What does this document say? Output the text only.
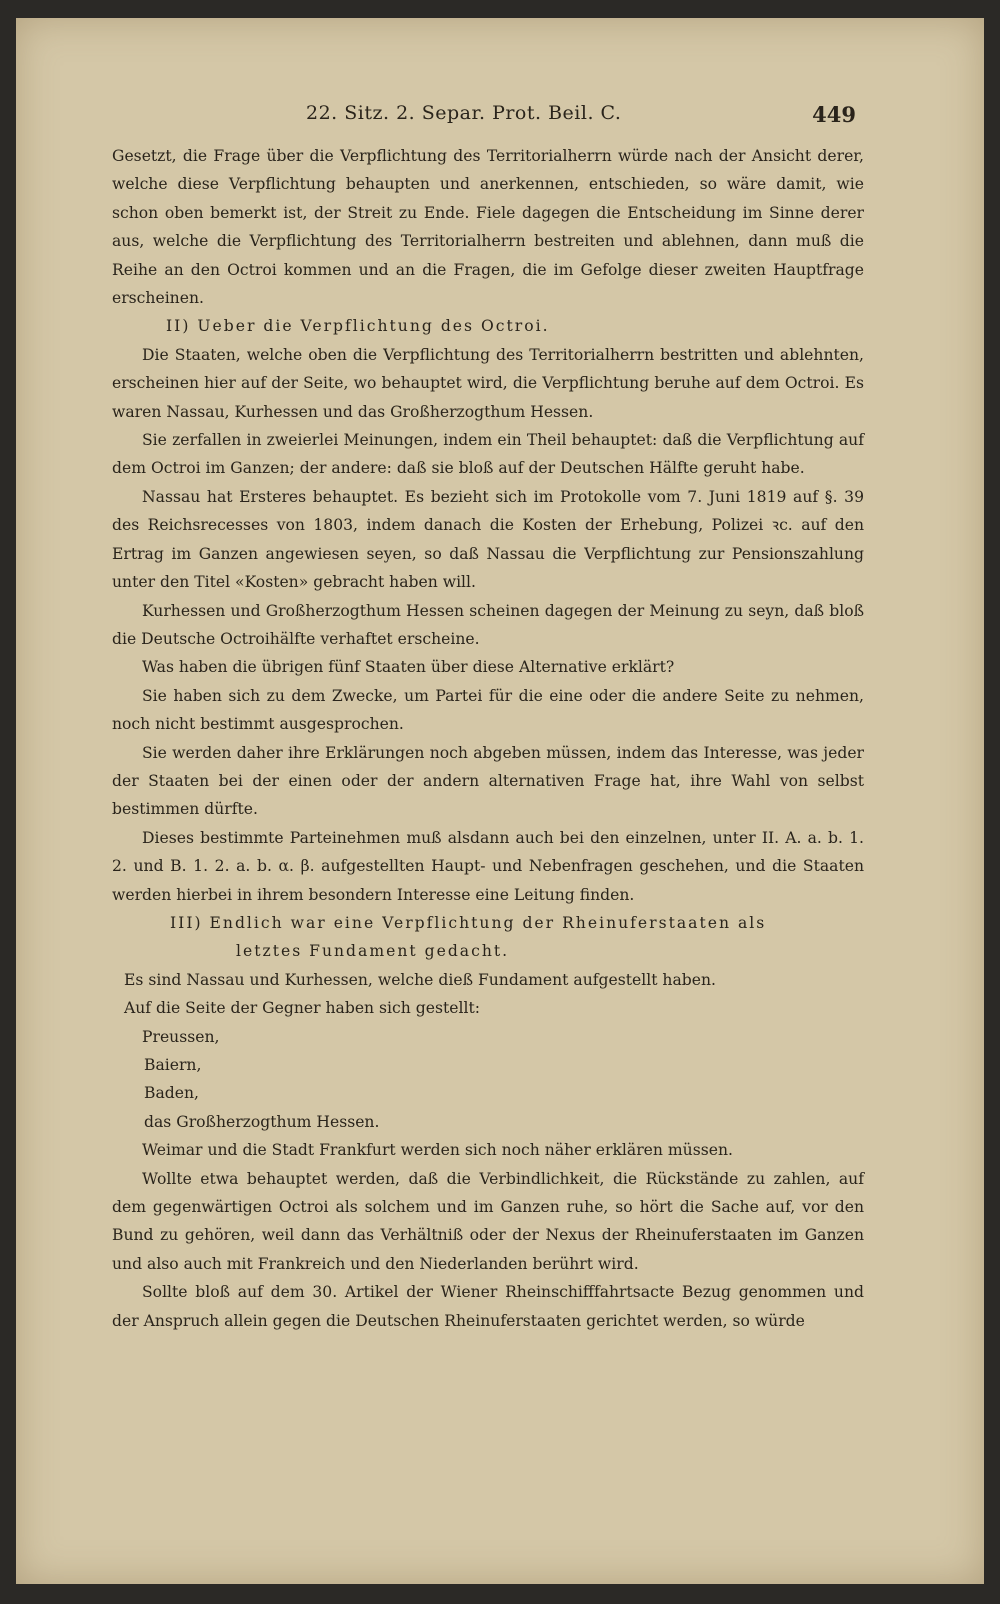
22. Sitz. 2. Separ. Prot. Beil. C.	449

Gesetzt, die Frage über die Verpflichtung des Territorialherrn würde nach der Ansicht derer, welche diese Verpflichtung behaupten und anerkennen, entschieden, so wäre damit, wie schon oben bemerkt ist, der Streit zu Ende. Fiele dagegen die Entscheidung im Sinne derer aus, welche die Verpflichtung des Territorialherrn bestreiten und ablehnen, dann muß die Reihe an den Octroi kommen und an die Fragen, die im Gefolge dieser zweiten Hauptfrage erscheinen.

II) Ueber die Verpflichtung des Octroi.

Die Staaten, welche oben die Verpflichtung des Territorialherrn bestritten und ablehnten, erscheinen hier auf der Seite, wo behauptet wird, die Verpflichtung beruhe auf dem Octroi. Es waren Nassau, Kurhessen und das Großherzogthum Hessen.

Sie zerfallen in zweierlei Meinungen, indem ein Theil behauptet: daß die Verpflichtung auf dem Octroi im Ganzen; der andere: daß sie bloß auf der Deutschen Hälfte geruht habe.

Nassau hat Ersteres behauptet. Es bezieht sich im Protokolle vom 7. Juni 1819 auf §. 39 des Reichsrecesses von 1803, indem danach die Kosten der Erhebung, Polizei ꝛc. auf den Ertrag im Ganzen angewiesen seyen, so daß Nassau die Verpflichtung zur Pensionszahlung unter den Titel «Kosten» gebracht haben will.

Kurhessen und Großherzogthum Hessen scheinen dagegen der Meinung zu seyn, daß bloß die Deutsche Octroihälfte verhaftet erscheine.

Was haben die übrigen fünf Staaten über diese Alternative erklärt?

Sie haben sich zu dem Zwecke, um Partei für die eine oder die andere Seite zu nehmen, noch nicht bestimmt ausgesprochen.

Sie werden daher ihre Erklärungen noch abgeben müssen, indem das Interesse, was jeder der Staaten bei der einen oder der andern alternativen Frage hat, ihre Wahl von selbst bestimmen dürfte.

Dieses bestimmte Parteinehmen muß alsdann auch bei den einzelnen, unter II. A. a. b. 1. 2. und B. 1. 2. a. b. α. β. aufgestellten Haupt- und Nebenfragen geschehen, und die Staaten werden hierbei in ihrem besondern Interesse eine Leitung finden.

III) Endlich war eine Verpflichtung der Rheinuferstaaten als
letztes Fundament gedacht.

Es sind Nassau und Kurhessen, welche dieß Fundament aufgestellt haben.

Auf die Seite der Gegner haben sich gestellt:

Preussen,

Baiern,

Baden,

das Großherzogthum Hessen.

Weimar und die Stadt Frankfurt werden sich noch näher erklären müssen.

Wollte etwa behauptet werden, daß die Verbindlichkeit, die Rückstände zu zahlen, auf dem gegenwärtigen Octroi als solchem und im Ganzen ruhe, so hört die Sache auf, vor den Bund zu gehören, weil dann das Verhältniß oder der Nexus der Rheinuferstaaten im Ganzen und also auch mit Frankreich und den Niederlanden berührt wird.

Sollte bloß auf dem 30. Artikel der Wiener Rheinschifffahrtsacte Bezug genommen und der Anspruch allein gegen die Deutschen Rheinuferstaaten gerichtet werden, so würde
